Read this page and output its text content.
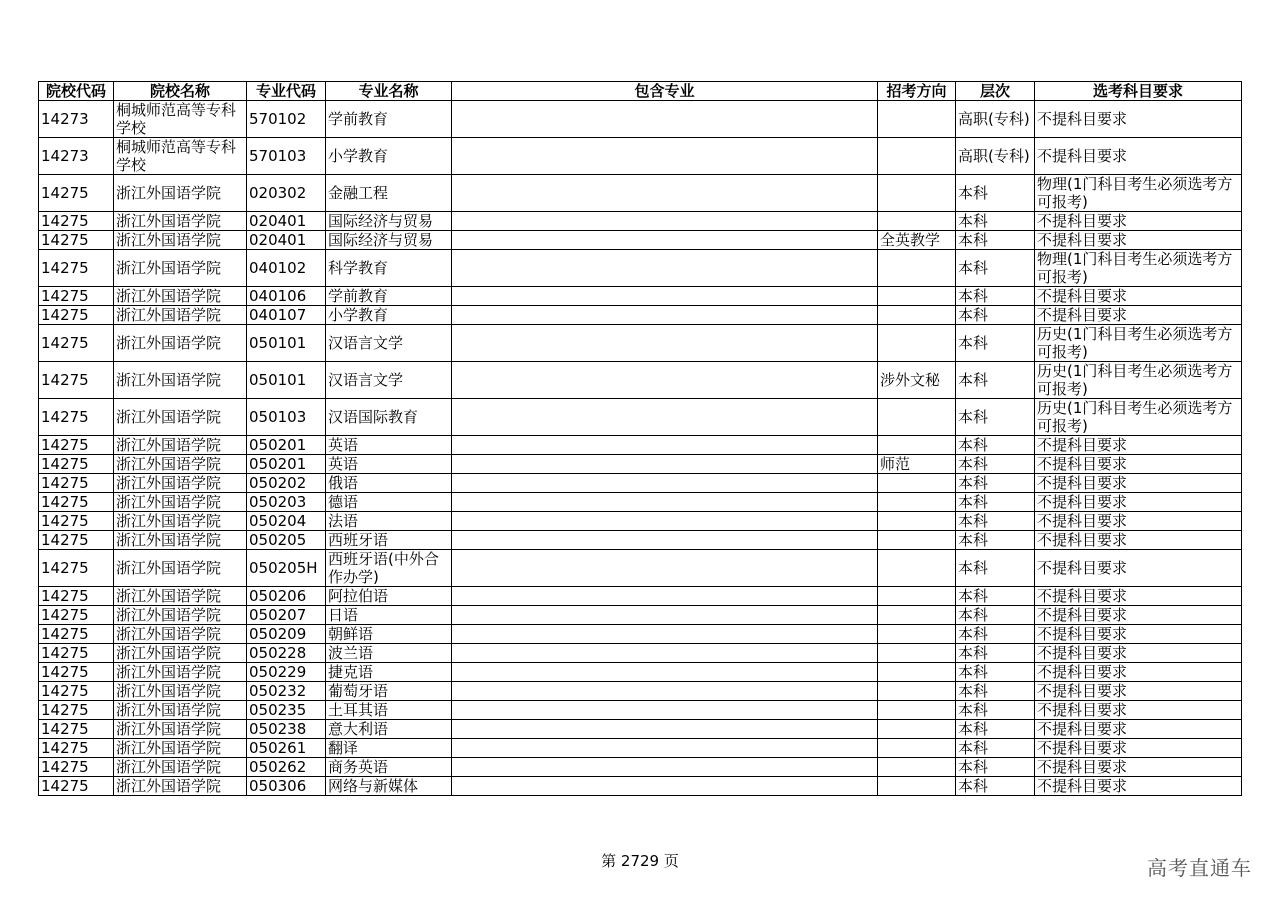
院校代码	院校名称	专业代码	专业名称	包含专业	招考方向	层次	选考科目要求
14273	桐城师范高等专科学校	570102	学前教育			高职(专科)	不提科目要求
14273	桐城师范高等专科学校	570103	小学教育			高职(专科)	不提科目要求
14275	浙江外国语学院	020302	金融工程			本科	物理(1门科目考生必须选考方可报考)
14275	浙江外国语学院	020401	国际经济与贸易			本科	不提科目要求
14275	浙江外国语学院	020401	国际经济与贸易		全英教学	本科	不提科目要求
14275	浙江外国语学院	040102	科学教育			本科	物理(1门科目考生必须选考方可报考)
14275	浙江外国语学院	040106	学前教育			本科	不提科目要求
14275	浙江外国语学院	040107	小学教育			本科	不提科目要求
14275	浙江外国语学院	050101	汉语言文学			本科	历史(1门科目考生必须选考方可报考)
14275	浙江外国语学院	050101	汉语言文学		涉外文秘	本科	历史(1门科目考生必须选考方可报考)
14275	浙江外国语学院	050103	汉语国际教育			本科	历史(1门科目考生必须选考方可报考)
14275	浙江外国语学院	050201	英语			本科	不提科目要求
14275	浙江外国语学院	050201	英语		师范	本科	不提科目要求
14275	浙江外国语学院	050202	俄语			本科	不提科目要求
14275	浙江外国语学院	050203	德语			本科	不提科目要求
14275	浙江外国语学院	050204	法语			本科	不提科目要求
14275	浙江外国语学院	050205	西班牙语			本科	不提科目要求
14275	浙江外国语学院	050205H	西班牙语(中外合作办学)			本科	不提科目要求
14275	浙江外国语学院	050206	阿拉伯语			本科	不提科目要求
14275	浙江外国语学院	050207	日语			本科	不提科目要求
14275	浙江外国语学院	050209	朝鲜语			本科	不提科目要求
14275	浙江外国语学院	050228	波兰语			本科	不提科目要求
14275	浙江外国语学院	050229	捷克语			本科	不提科目要求
14275	浙江外国语学院	050232	葡萄牙语			本科	不提科目要求
14275	浙江外国语学院	050235	土耳其语			本科	不提科目要求
14275	浙江外国语学院	050238	意大利语			本科	不提科目要求
14275	浙江外国语学院	050261	翻译			本科	不提科目要求
14275	浙江外国语学院	050262	商务英语			本科	不提科目要求
14275	浙江外国语学院	050306	网络与新媒体			本科	不提科目要求
第 2729 页	高考直通车
